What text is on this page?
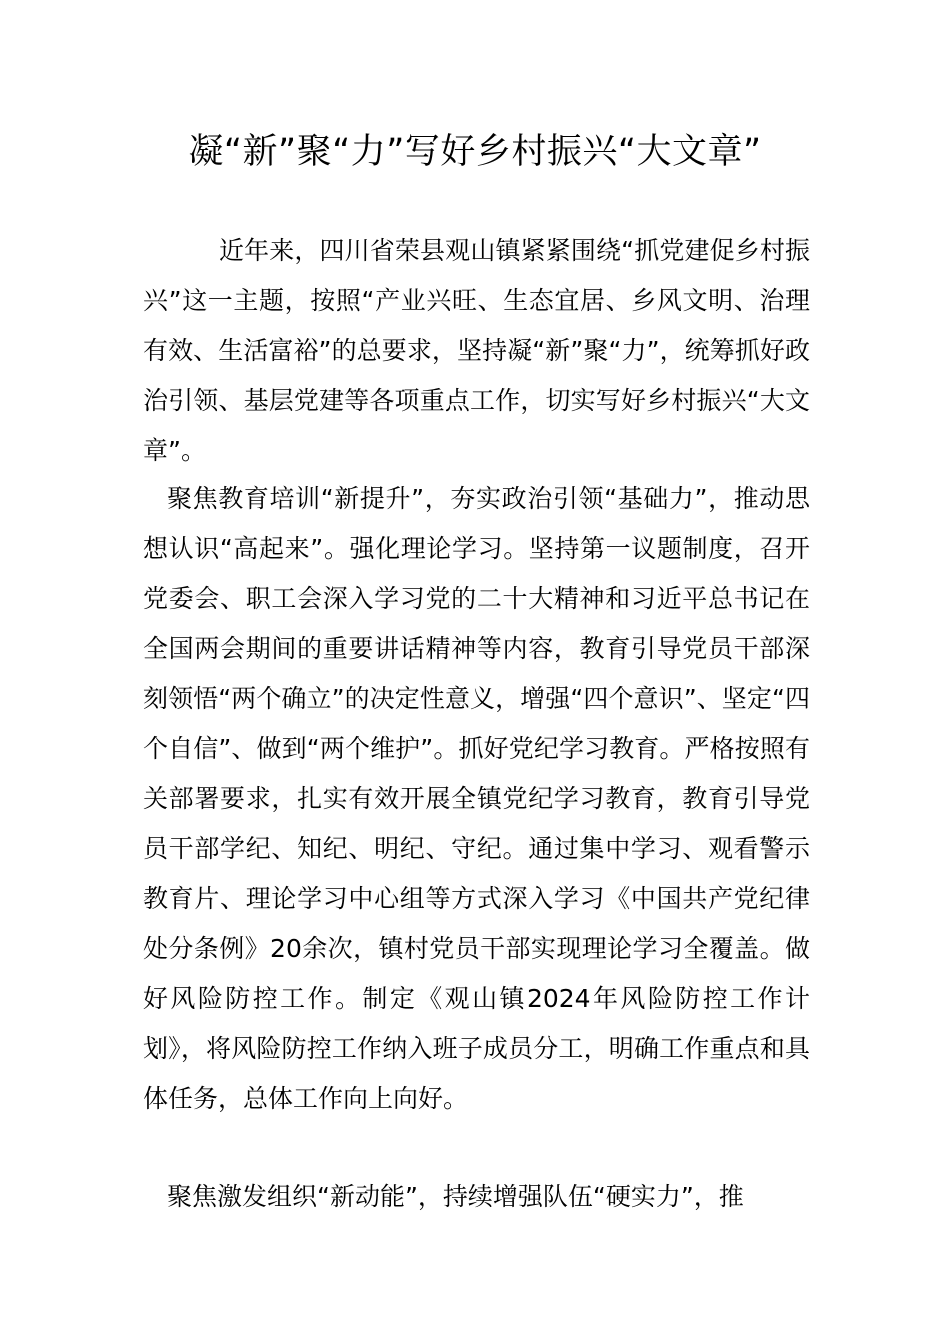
凝“新”聚“力”写好乡村振兴“大文章”
近年来，四川省荣县观山镇紧紧围绕“抓党建促乡村振兴”这一主题，按照“产业兴旺、生态宜居、乡风文明、治理有效、生活富裕”的总要求，坚持凝“新”聚“力”，统筹抓好政治引领、基层党建等各项重点工作，切实写好乡村振兴“大文章”。
聚焦教育培训“新提升”，夯实政治引领“基础力”，推动思想认识“高起来”。强化理论学习。坚持第一议题制度，召开党委会、职工会深入学习党的二十大精神和习近平总书记在全国两会期间的重要讲话精神等内容，教育引导党员干部深刻领悟“两个确立”的决定性意义，增强“四个意识”、坚定“四个自信”、做到“两个维护”。抓好党纪学习教育。严格按照有关部署要求，扎实有效开展全镇党纪学习教育，教育引导党员干部学纪、知纪、明纪、守纪。通过集中学习、观看警示教育片、理论学习中心组等方式深入学习《中国共产党纪律处分条例》20余次，镇村党员干部实现理论学习全覆盖。做好风险防控工作。制定《观山镇2024年风险防控工作计划》，将风险防控工作纳入班子成员分工，明确工作重点和具体任务，总体工作向上向好。
聚焦激发组织“新动能”，持续增强队伍“硬实力”，推
